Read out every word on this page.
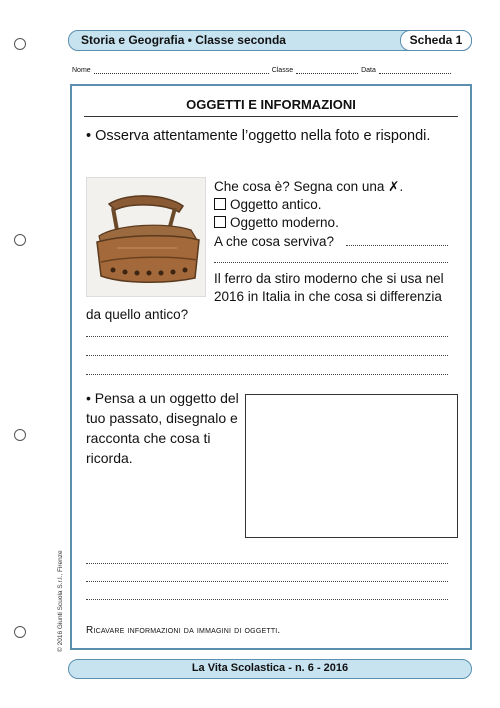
Storia e Geografia • Classe seconda	Scheda 1
Nome	Classe	Data
OGGETTI E INFORMAZIONI
• Osserva attentamente l’oggetto nella foto e rispondi.
Che cosa è? Segna con una ✗.
Oggetto antico.
Oggetto moderno.
A che cosa serviva?
Il ferro da stiro moderno che si usa nel
2016 in Italia in che cosa si differenzia
da quello antico?
• Pensa a un oggetto del tuo passato, disegnalo e racconta che cosa ti ricorda.
Ricavare informazioni da immagini di oggetti.
La Vita Scolastica - n. 6 - 2016
© 2016 Giunti Scuola S.r.l., Firenze
